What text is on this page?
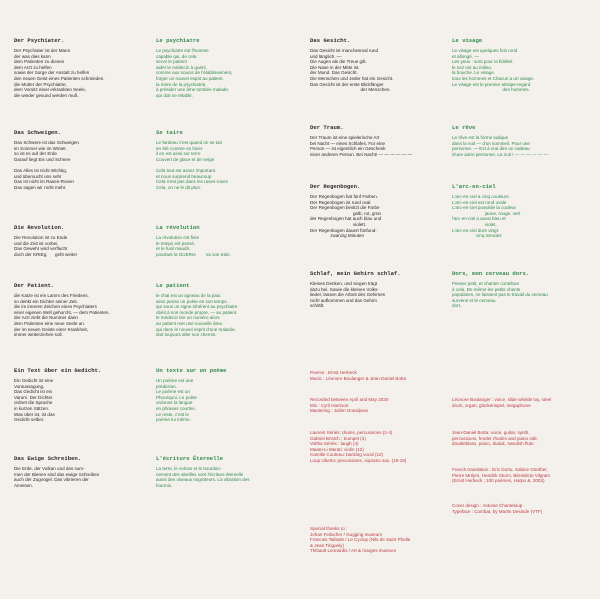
Der Psychiater.
Der Psychiater ist der Mann
der was dies kann
dem Patienten zu dienen
dem Arzt zu helfen
sowie der Sorge der Anstalt zu helfen
den neuen Geist eines Patienten schmieden.
die Mutter der Psychiatrie,
dem Vorsitz einer erkrankten Seele,
die wieder gesund werden muß.
Das Schweigen.
Das Schwere ist das Schweigen
im Sommer wie im Winter.
so ist es auf der Erde
Darauf liegt Eis und Schnee

Das Alles ist nicht Wichtig,
und übersucht uns sehr
Das ist nicht im Rasen-Rosen
Das sagen wir nicht mehr.
Die Revolution.
Die Revolution ist zu Ende
und die Zeit ist vorbei.
Das Gewehr wird verflucht
doch der KRIEg,      geht weiter
Der Patient.
die Katze ist ein Lamm des Friedens.
so denkt ein Dichter seiner Zeit.
die im inneren Zeichen eines Psychiaters
einer eigenen Welt gehorcht, — dem Patienten.
der Arzt zieht die Nummer dann
dem Patienten eine neue Seele an.
der im neuen Geiste einer Krankheit,
immer weiterziehen soll.
Ein Text über ein Gedicht.
Ein Gedicht ist eine
Voraussagung.
Das Gedicht ist ein
Varum. Der Dichter
ordnet die Sprache
in kurzen Sätzen.
Was über ist, ist das
Gedicht selber.
Das Ewige Schreiben.
Die Erde, der Vulkan und das sum-
men der Bienen sind das ewige Schreiben
auch der Zugvögel. Das vibrieren der
Ameisen.
Le psychiatre
Le psychiatre est l'homme
capable qui, de cela
servir le patient
aider le médecin à guérir,
comme aux soucis de l'établissement,
forger un nouvel esprit au patient.
la mère de la psychiatrie,
à présider une âme tombée malade,
qui doit se rétablir.
Se taire
Le fardeau c'est quand on se tait
en été comme en hiver.
il en est ainsi sur terre
Couvert de glace et de neige

Cela tout est assez important.
et nous surprend beaucoup
Cela n'est pas dans les rases-roses
Cela, on ne le dit plus.
La révolution
La révolution est finie
le temps est passé,
et le fusil maudit.
pourtant la GUERre        va son train.
Le patient
le chat est un agneau de la paix.
ainsi pense un poète en son temps.
qui sous un signe inhérent au psychiatre
obéit à son monde propre, — au patient.
le médecin tire un numéro alors
au patient met une nouvelle âme.
qui dans le nouvel esprit d'une maladie,
doit toujours aller son chemin.
Un texte sur un poème
Un poème est une
prédiction.
Le poème est un
Phourquoi. Le poète
ordonne la langue
en phrases courtes.
Le reste, c'est le
poème lui même.
L'écriture Éternelle
La terre, le volcan et le bourdon-
nement des abeilles sont l'écriture éternelle
aussi des oiseaux migrateurs. La vibration des
fourmis.
Das Gesicht.
Das Gesicht ist manchesmal rund
und länglich. —
Die Augen als die Treue gilt.
Die Nase in der Mitte ist.
der Mund. Das Gesicht.
Die Menschen und Jeder hat ein Gesicht.
Das Gesicht ist der erste Blickfänger
der Menschen.
Der Traum.
Der Traum ist eine spielerische Art
bei Nacht — eines Schlafes. Für eine
Person — ist eigentlich ein Geschenk
einer anderen Person. Bei Nacht! — — — — — —
Der Regenbogen.
Der Regenbogen hat fünf Farben.
Der Regenbogen ist rund oval
Der Regenbogen besitzt die Farbe
gelb, rot, grün
der Regenbogen hat auch blau und
violett.
Der Regenbogen dauert fünfund-
zwanzig Minuten
Schlaf, mein Gehirn schlaf.
Kleines Denken, und singen trägt
dazu bei. Sowie die kleinen Volks-
lieder, lassen die Arbeit des Gehirnes
nicht aufkommen und das Gehirn
schläft.
Le visage
Le visage est quelques fois rond
et allongé. —
Les yeux : sont pour la fidélité.
le nez est au milieu.
la bouche. Le visage.
tous les hommes et Chacun a un visage.
Le visage est le premier attrape-regard
des hommes.
Le rêve
Le rêve est la forme ludique
dans la nuit — d'un sommeil. Pour une
personne. — Est à vrai dire un cadeau
d'une autre personne. La nuit ! — — — — — —
L'arc-en-ciel
L'arc-en-ciel a cinq couleurs.
L'arc-en-ciel est rond ovale
L'arc-en-ciel possède la couleur
jaune, rouge, vert
l'arc-en-ciel a aussi bleu et
violet.
L'arc-en-ciel dure vingt-
cinq minutes
Dors, mon cerveau dors.
Penser petit, et chanter contribue
à cela. De même les petits chants
populaires, ne laissent pas le travail du cerveau
survenir et le cerveau
dort.
Poems : Ernst Herbeck
Music : Léonore Boulanger & Jean-Daniel Botta
Recorded between April and May 2020
Mix : Cyril Harrison
Mastering : Julien Grandjean
Laurent Sériès: drums, percussions (2-4)
Gabriel Bristch : trumpet (4)
Voltha Sériès : laugh (4)
Maam-Li Merati: violin (12)
Camille Couteau: backing vocal (12)
Loup Uberto: percussions, soprano sax. (18-19)
Special thanks to :
Johan Feilacher / Gugging museum
Francois Taillade / Le Cyclop (Niki de Saint Phalle
& Jean Tinguely)
Thibault Leonardis / Art & marges museum
Léonore Boulanger : voice, slide whistle toy, steel
drum, organ, glockenspiel, megaphone
Jean-Daniel Botta: voice, guitar, synth,
percussions, fender rhodes and piano edit,
doubleblass, piano, duduk, swedish flute
French translation : Éric Dortu, Sabine Günther,
Pierre Mréjen, Hendrik Sturm, Bénédicte Vilgrain
(Ernst Herbeck ; 100 poèmes, Harpo &, 2002)
Cover design : Antoine Chanteloup
Typeface : Combat, by Martin Desinde (VTF)
